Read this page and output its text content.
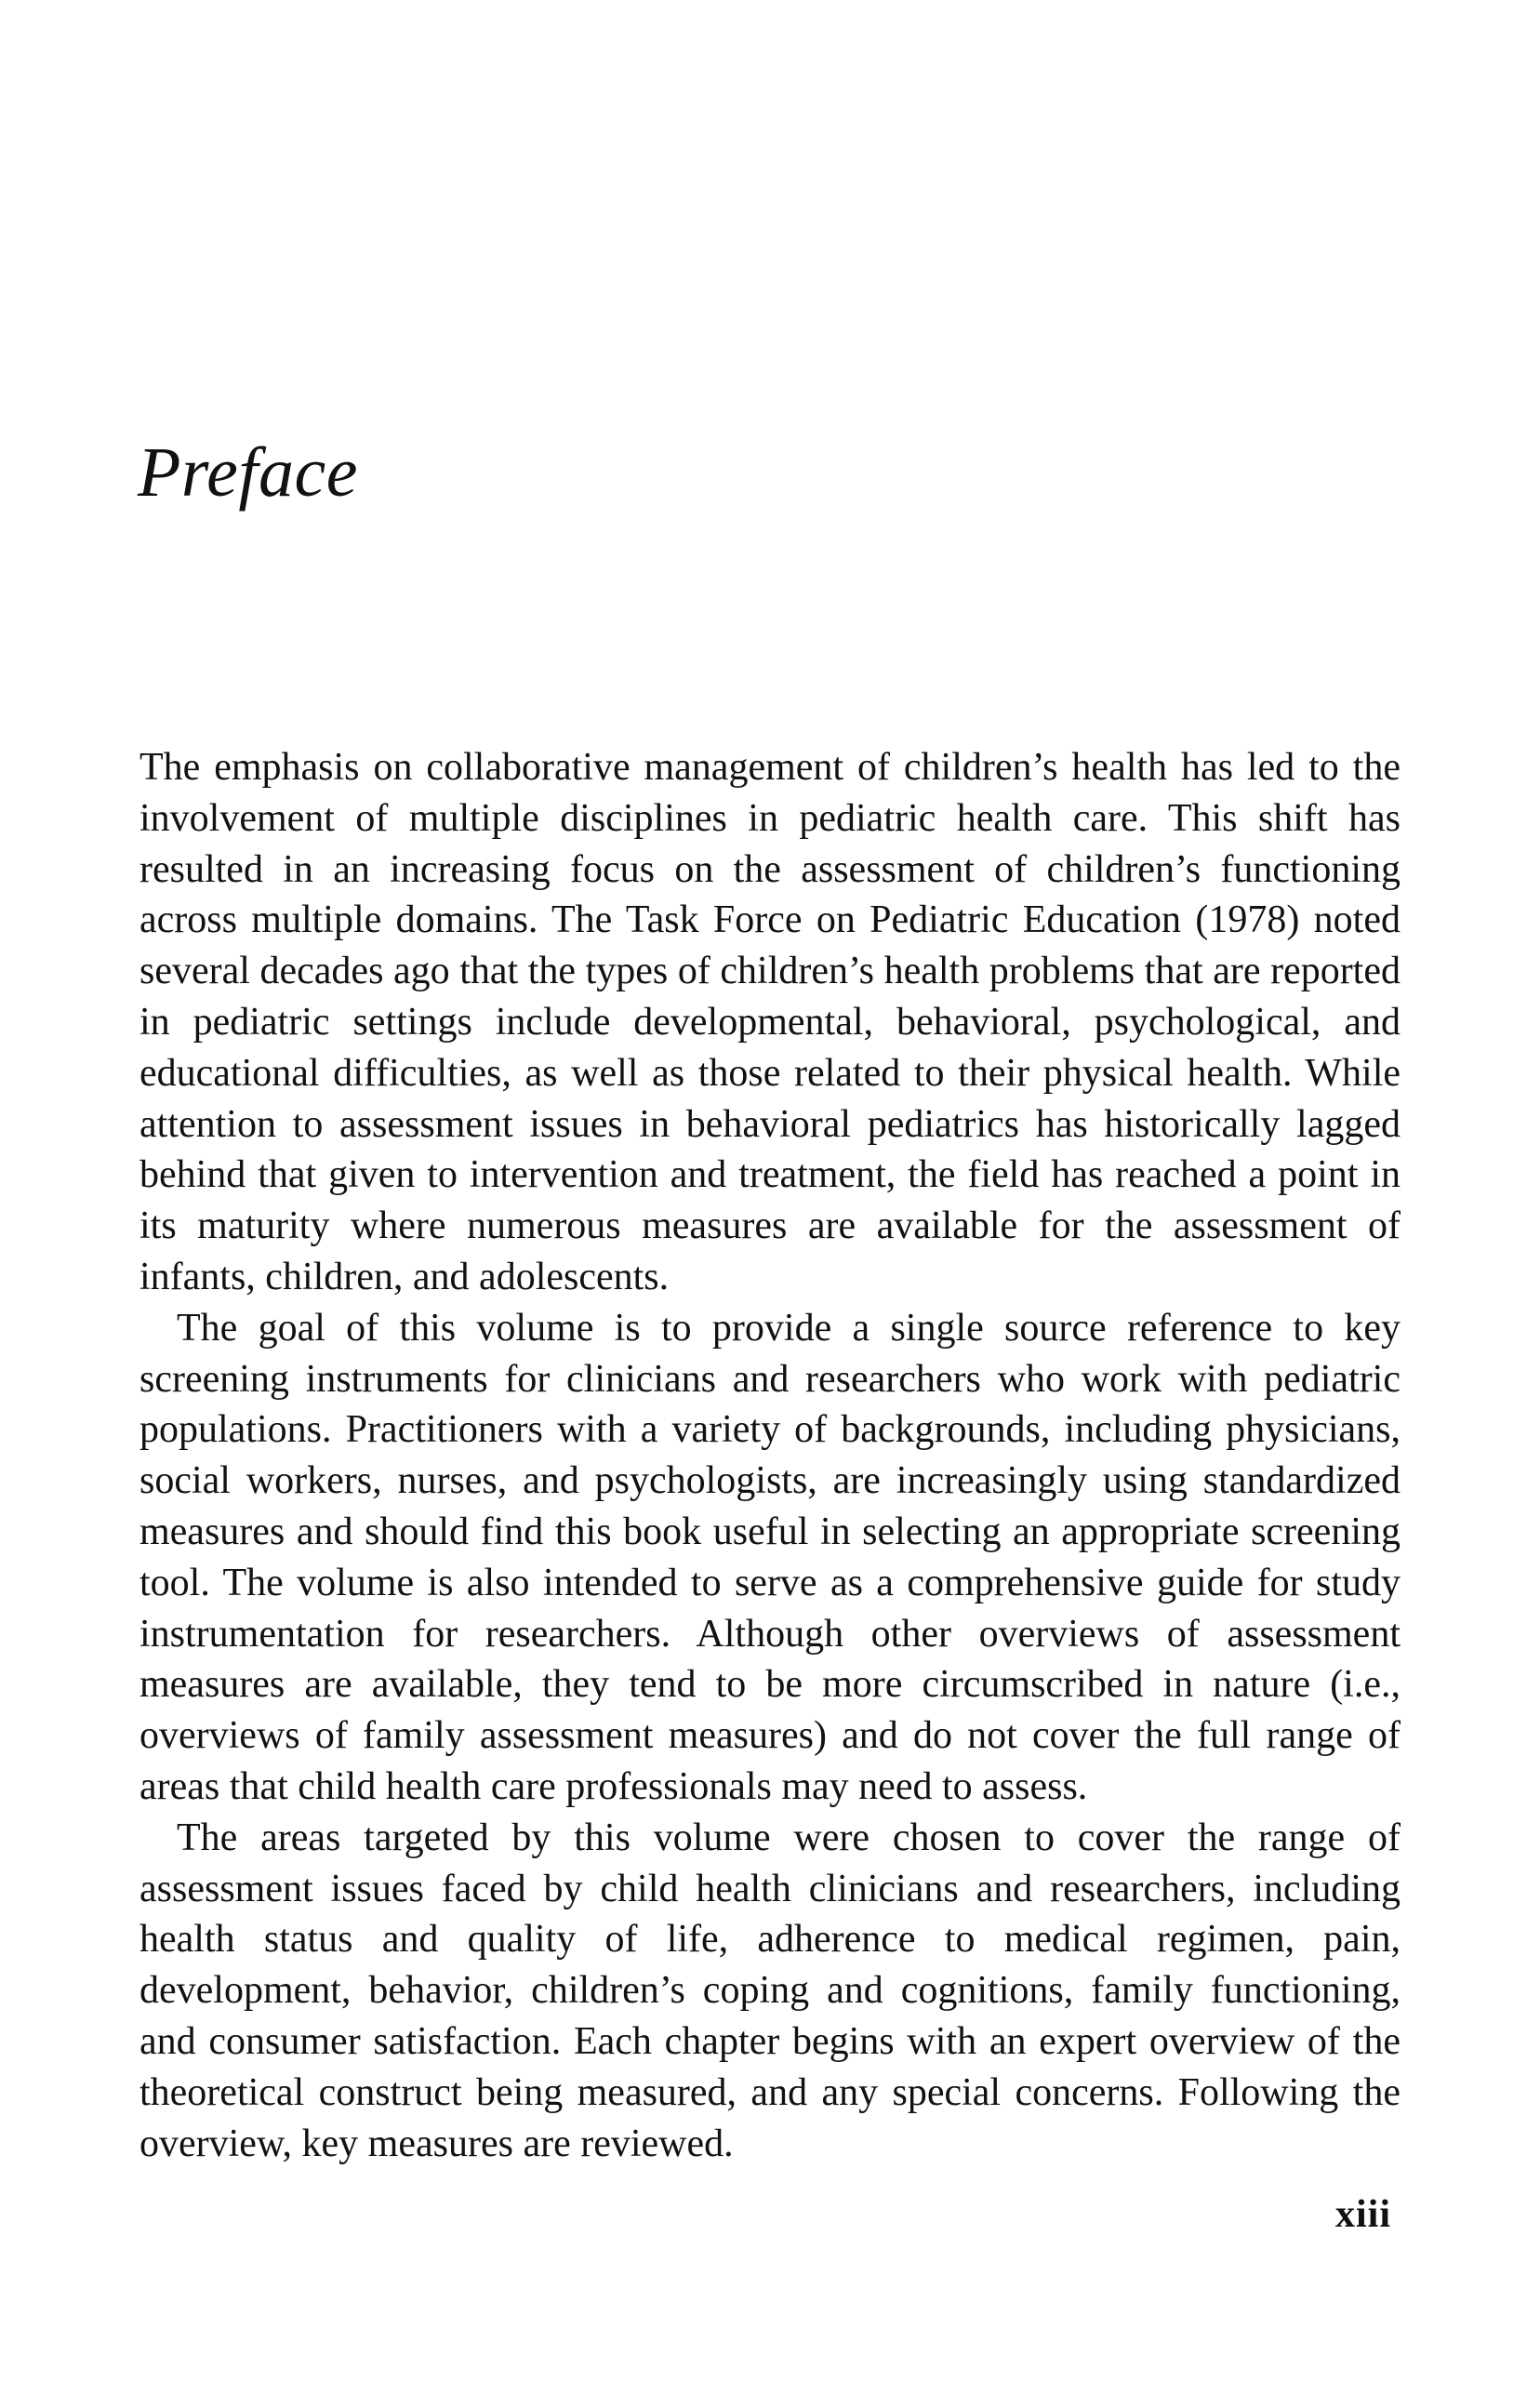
Preface

The emphasis on collaborative management of children’s health has led to the involvement of multiple disciplines in pediatric health care. This shift has resulted in an increasing focus on the assessment of children’s functioning across multiple domains. The Task Force on Pediatric Education (1978) noted several decades ago that the types of children’s health problems that are reported in pediatric settings include developmental, behavioral, psychological, and educational difficulties, as well as those related to their physical health. While attention to assessment issues in behavioral pediatrics has historically lagged behind that given to intervention and treatment, the field has reached a point in its maturity where numerous measures are available for the assessment of infants, children, and adolescents.

The goal of this volume is to provide a single source reference to key screening instruments for clinicians and researchers who work with pediatric populations. Practitioners with a variety of backgrounds, including physicians, social workers, nurses, and psychologists, are increasingly using standardized measures and should find this book useful in selecting an appropriate screening tool. The volume is also intended to serve as a comprehensive guide for study instrumentation for researchers. Although other overviews of assessment measures are available, they tend to be more circumscribed in nature (i.e., overviews of family assessment measures) and do not cover the full range of areas that child health care professionals may need to assess.

The areas targeted by this volume were chosen to cover the range of assessment issues faced by child health clinicians and researchers, including health status and quality of life, adherence to medical regimen, pain, development, behavior, children’s coping and cognitions, family functioning, and consumer satisfaction. Each chapter begins with an expert overview of the theoretical construct being measured, and any special concerns. Following the overview, key measures are reviewed.

xiii
